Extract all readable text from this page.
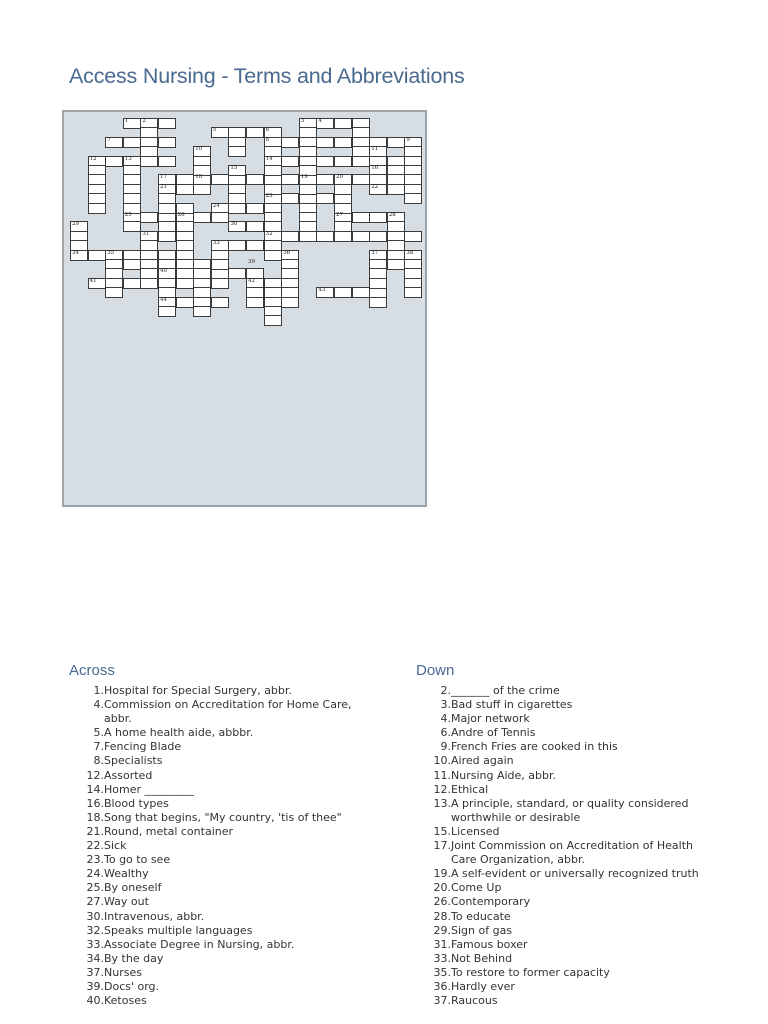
Access Nursing - Terms and Abbreviations
1	2	3	4
5	6
7	8	9
10	11
12	13	14
15	16
17	18	19	20
21	22
23
24
25	26	27	28
29	30
31	32
33
34	35	36	37	38
39
40
41	42
43
44
Across
1. Hospital for Special Surgery, abbr.
4. Commission on Accreditation for Home Care, abbr.
5. A home health aide, abbbr.
7. Fencing Blade
8. Specialists
12. Assorted
14. Homer _________
16. Blood types
18. Song that begins, "My country, 'tis of thee"
21. Round, metal container
22. Sick
23. To go to see
24. Wealthy
25. By oneself
27. Way out
30. Intravenous, abbr.
32. Speaks multiple languages
33. Associate Degree in Nursing, abbr.
34. By the day
37. Nurses
39. Docs' org.
40. Ketoses
Down
2. _______ of the crime
3. Bad stuff in cigarettes
4. Major network
6. Andre of Tennis
9. French Fries are cooked in this
10. Aired again
11. Nursing Aide, abbr.
12. Ethical
13. A principle, standard, or quality considered worthwhile or desirable
15. Licensed
17. Joint Commission on Accreditation of Health Care Organization, abbr.
19. A self-evident or universally recognized truth
20. Come Up
26. Contemporary
28. To educate
29. Sign of gas
31. Famous boxer
33. Not Behind
35. To restore to former capacity
36. Hardly ever
37. Raucous
